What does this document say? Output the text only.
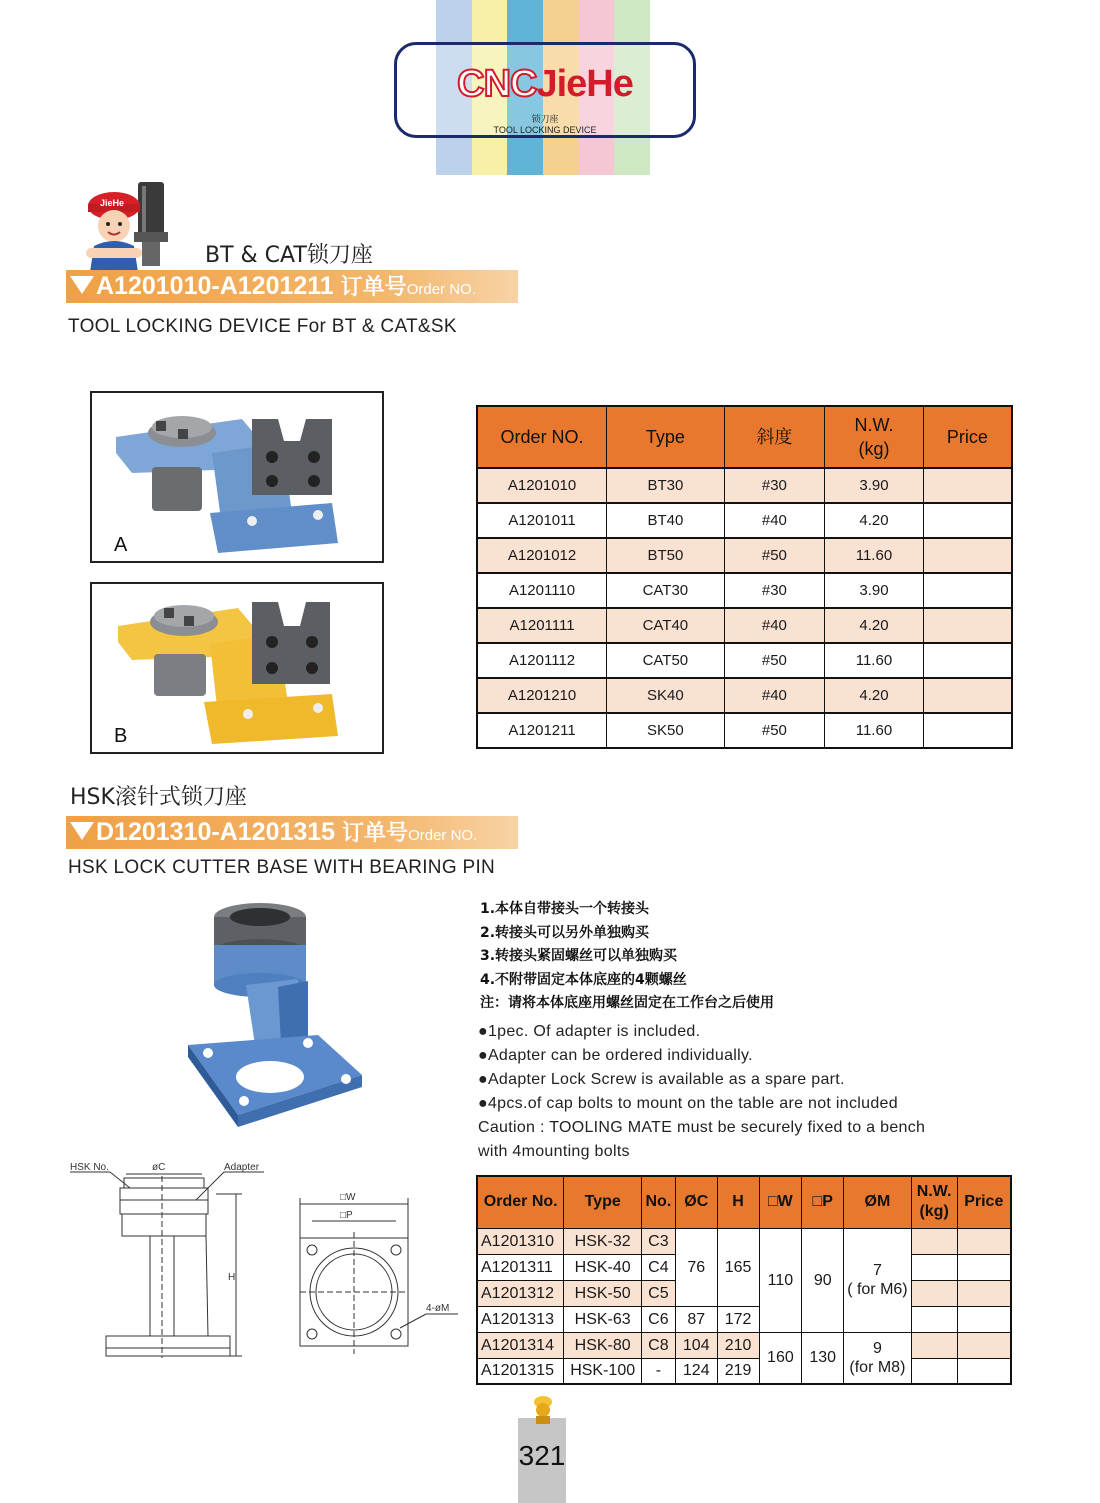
CNCJieHe
锁刀座
TOOL LOCKING DEVICE
JieHe
BT & CAT锁刀座
A1201010-A1201211 订单号Order NO.
TOOL LOCKING DEVICE For BT & CAT&SK
A
B
Order NO.	Type	斜度	N.W.
(kg)	Price
A1201010	BT30	#30	3.90	
A1201011	BT40	#40	4.20	
A1201012	BT50	#50	11.60	
A1201110	CAT30	#30	3.90	
A1201111	CAT40	#40	4.20	
A1201112	CAT50	#50	11.60	
A1201210	SK40	#40	4.20	
A1201211	SK50	#50	11.60	
HSK滚针式锁刀座
D1201310-A1201315 订单号Order NO.
HSK LOCK CUTTER BASE WITH BEARING PIN
1.本体自带接头一个转接头
2.转接头可以另外单独购买
3.转接头紧固螺丝可以单独购买
4.不附带固定本体底座的4颗螺丝
注：请将本体底座用螺丝固定在工作台之后使用
●1pec. Of adapter is included.
●Adapter can be ordered individually.
●Adapter Lock Screw is available as a spare part.
●4pcs.of cap bolts to mount on the table are not included
Caution : TOOLING MATE must be securely fixed to a bench
with 4mounting bolts
HSK No.	øC	Adapter
H
□W
□P
4-øM
Order No.	Type	No.	ØC	H	□W	□P	ØM	N.W.
(kg)	Price
A1201310	HSK-32	C3	76	165	110	90	7
( for M6)		
A1201311	HSK-40	C4							
A1201312	HSK-50	C5							
A1201313	HSK-63	C6	87	172					
A1201314	HSK-80	C8	104	210	160	130	9
(for M8)		
A1201315	HSK-100	-	124	219					
321
